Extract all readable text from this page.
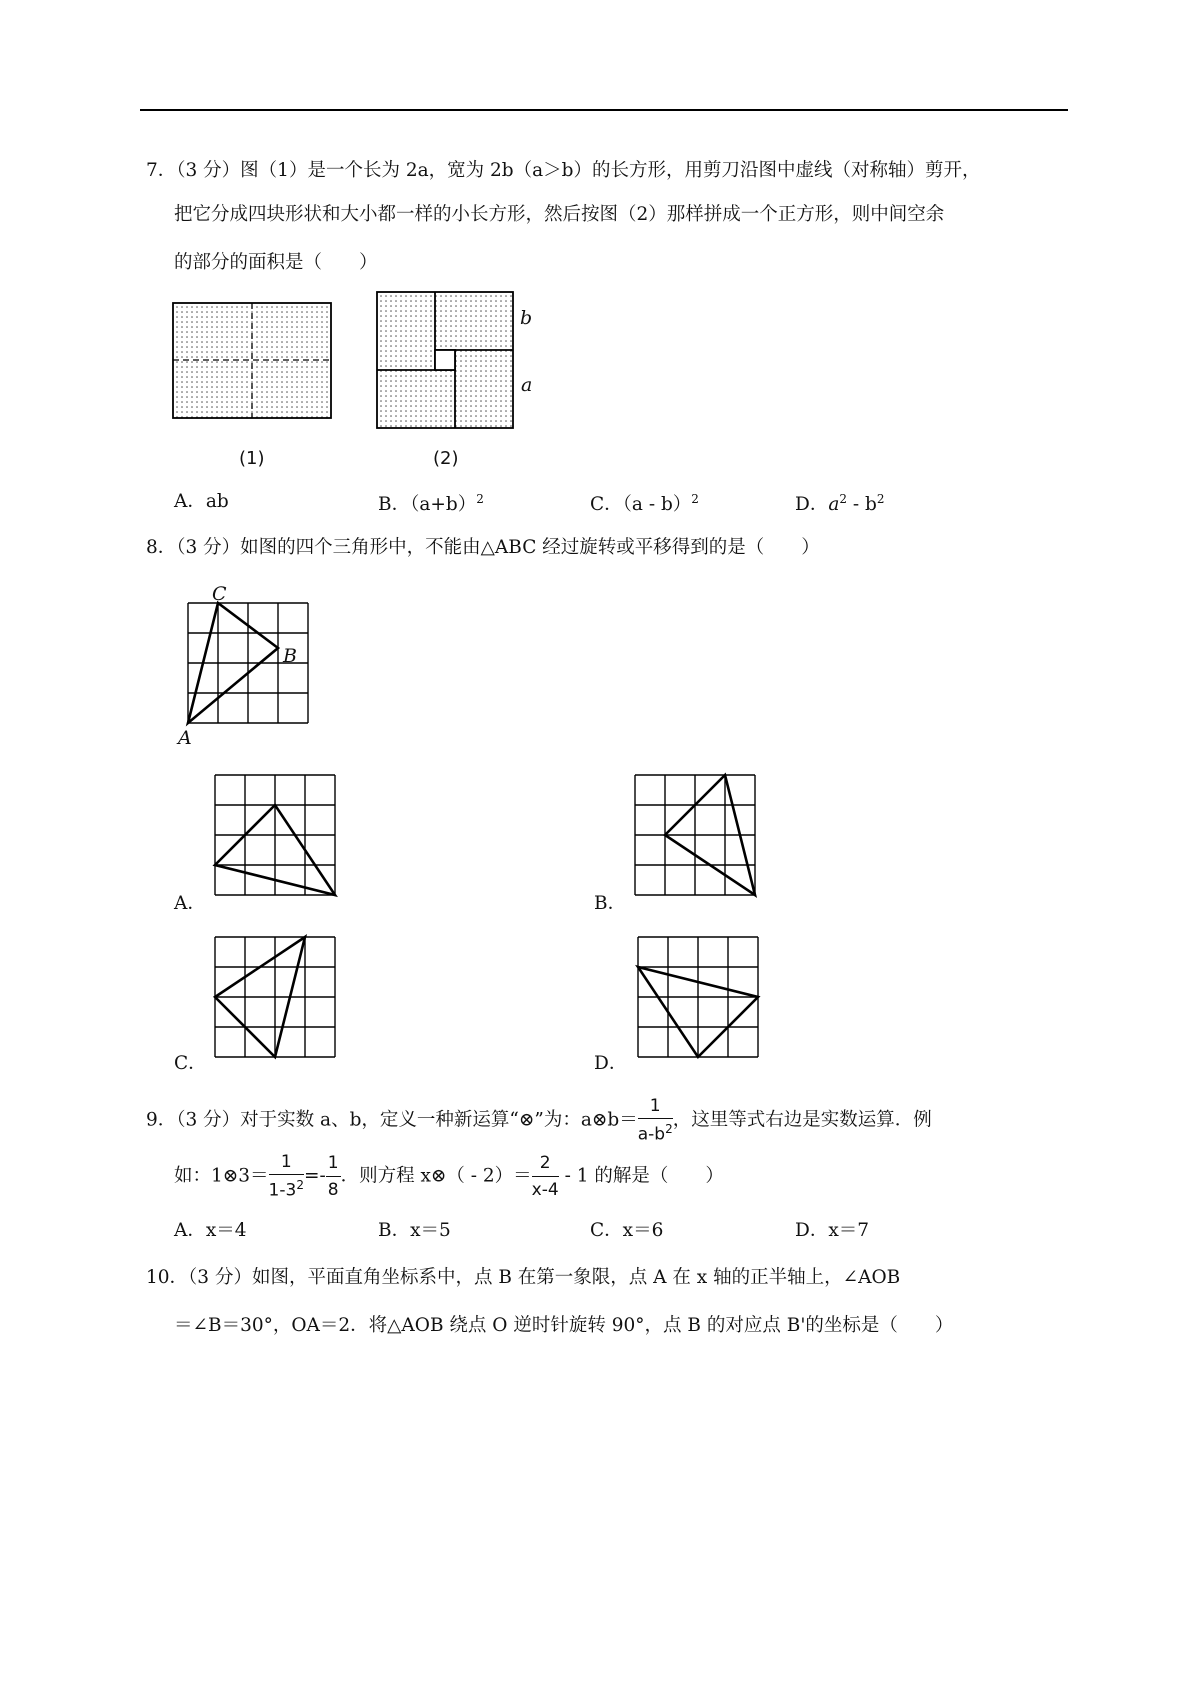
7．（3 分）图（1）是一个长为 2a，宽为 2b（a＞b）的长方形，用剪刀沿图中虚线（对称轴）剪开，
把它分成四块形状和大小都一样的小长方形，然后按图（2）那样拼成一个正方形，则中间空余
的部分的面积是（　　）
(1)
b
a
(2)
A．ab	B．$(a+b)^2$	C．（a - b）$^2$	D．$a^2 - b^2$
8．（3 分）如图的四个三角形中，不能由△ABC 经过旋转或平移得到的是（　　）
C
B
A
A．	B．
C．	D．
9．（3 分）对于实数 a、b，定义一种新运算“⊗”为：a⊗b＝ $\frac{1}{a-b^2}$ ，这里等式右边是实数运算．例
如：1⊗3＝ $\frac{1}{1-3^2} =- \frac{1}{8}$ ．则方程 x⊗（ - $2)= \frac{2}{x-4} - 1$ 的解是（　　）
A．x＝4	B．x＝5	C．x＝6	D．x＝7
10．（3 分）如图，平面直角坐标系中，点 B 在第一象限，点 A 在 x 轴的正半轴上，∠AOB
＝∠B＝30°，OA＝2．将△AOB 绕点 O 逆时针旋转 90°，点 B 的对应点 B'的坐标是（　　）
